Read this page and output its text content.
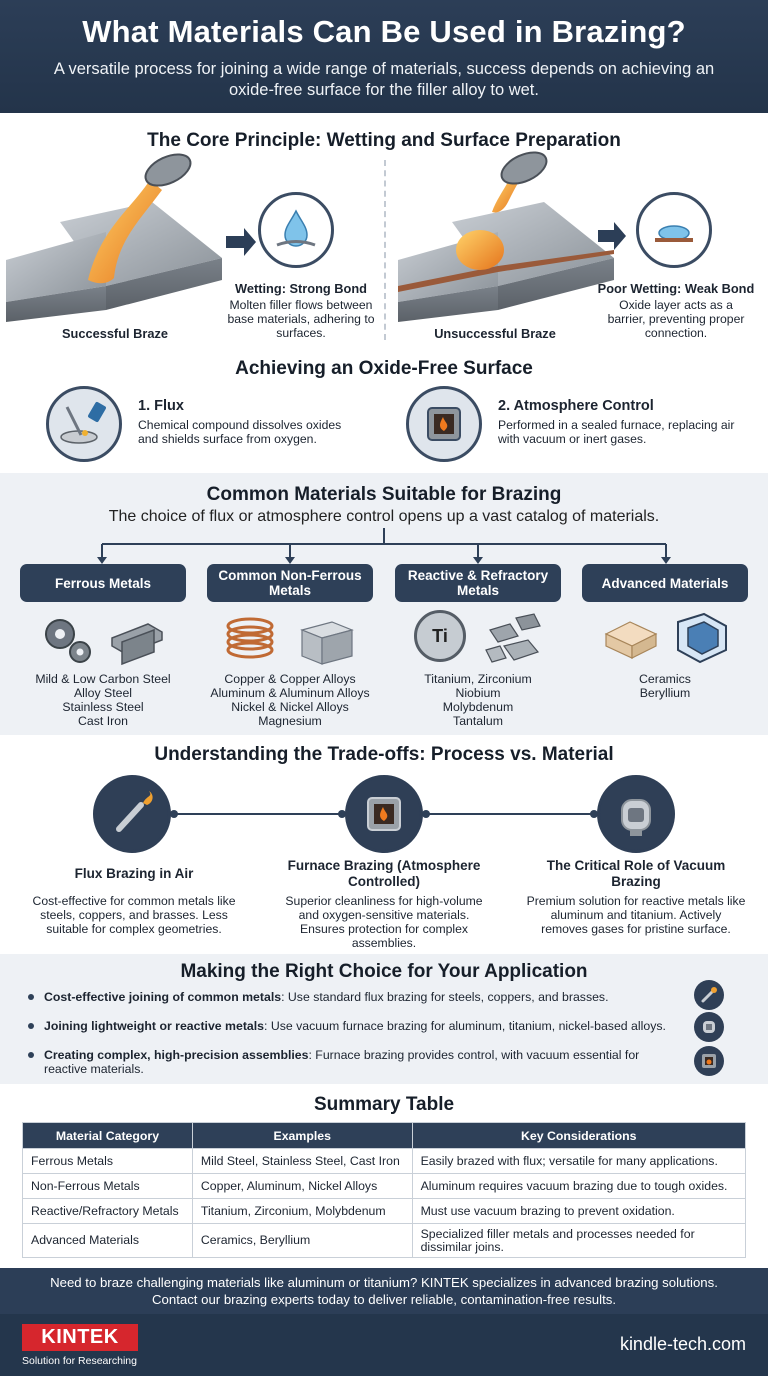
What Materials Can Be Used in Brazing?

A versatile process for joining a wide range of materials, success depends on achieving an oxide-free surface for the filler alloy to wet.

The Core Principle: Wetting and Surface Preparation
Successful Braze
Wetting: Strong Bond
Molten filler flows between base materials, adhering to surfaces.	Unsuccessful Braze
Poor Wetting: Weak Bond
Oxide layer acts as a barrier, preventing proper connection.
Achieving an Oxide-Free Surface
1. Flux
Chemical compound dissolves oxides and shields surface from oxygen.
2. Atmosphere Control
Performed in a sealed furnace, replacing air with vacuum or inert gases.
Common Materials Suitable for Brazing
The choice of flux or atmosphere control opens up a vast catalog of materials.
Ferrous Metals	Common Non-Ferrous Metals
Reactive & Refractory Metals	Advanced Materials
Ti
Mild & Low Carbon Steel
Alloy Steel
Stainless Steel
Cast Iron
Copper & Copper Alloys
Aluminum & Aluminum Alloys
Nickel & Nickel Alloys
Magnesium
Titanium, Zirconium
Niobium
Molybdenum
Tantalum
Ceramics
Beryllium
Understanding the Trade-offs: Process vs. Material
Flux Brazing in Air
Cost-effective for common metals like steels, coppers, and brasses. Less suitable for complex geometries.
Furnace Brazing (Atmosphere Controlled)
Superior cleanliness for high-volume and oxygen-sensitive materials. Ensures protection for complex assemblies.
The Critical Role of Vacuum Brazing
Premium solution for reactive metals like aluminum and titanium. Actively removes gases for pristine surface.
Making the Right Choice for Your Application
Cost-effective joining of common metals: Use standard flux brazing for steels, coppers, and brasses.
Joining lightweight or reactive metals: Use vacuum furnace brazing for aluminum, titanium, nickel-based alloys.
Creating complex, high-precision assemblies: Furnace brazing provides control, with vacuum essential for reactive materials.
Summary Table
Material Category	Examples	Key Considerations
Ferrous Metals	Mild Steel, Stainless Steel, Cast Iron	Easily brazed with flux; versatile for many applications.
Non-Ferrous Metals	Copper, Aluminum, Nickel Alloys	Aluminum requires vacuum brazing due to tough oxides.
Reactive/Refractory Metals	Titanium, Zirconium, Molybdenum	Must use vacuum brazing to prevent oxidation.
Advanced Materials	Ceramics, Beryllium	Specialized filler metals and processes needed for dissimilar joins.
Need to braze challenging materials like aluminum or titanium? KINTEK specializes in advanced brazing solutions.
Contact our brazing experts today to deliver reliable, contamination-free results.
KINTEK
Solution for Researching
kindle-tech.com
